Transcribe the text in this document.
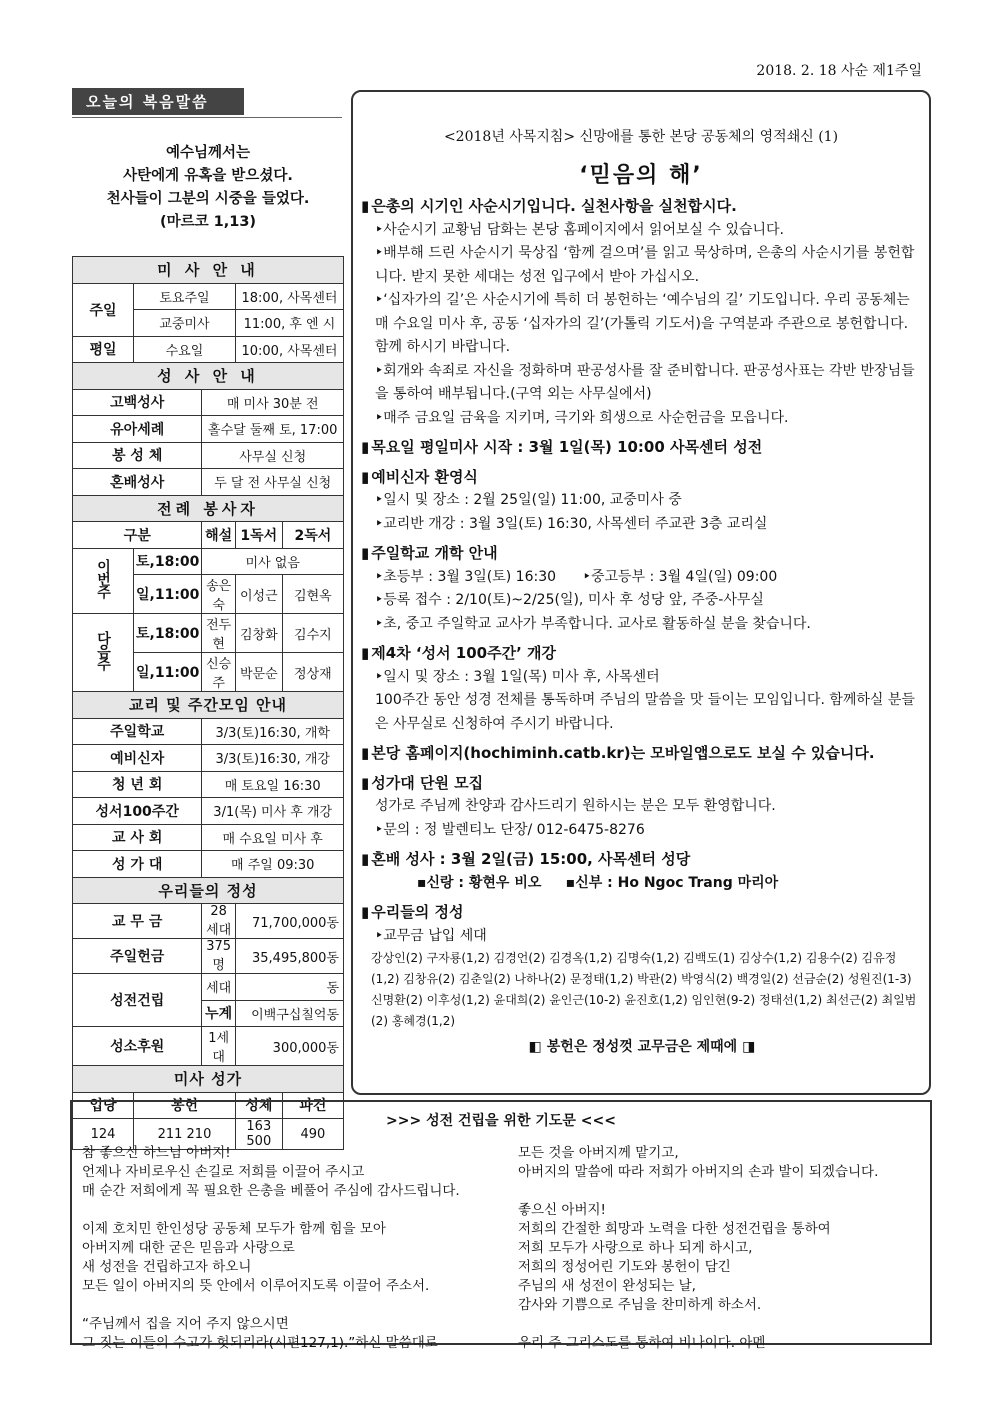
2018. 2. 18 사순 제1주일
오늘의 복음말씀
예수님께서는
사탄에게 유혹을 받으셨다.
천사들이 그분의 시중을 들었다.
(마르코 1,13)
미 사 안 내				
주일	토요주일		18:00, 사목센터	
	교중미사		11:00, 후 엔 시	
평일	수요일		10:00, 사목센터	
성 사 안 내				
고백성사		매 미사 30분 전		
유아세례		홀수달 둘째 토, 17:00		
봉 성 체		사무실 신청		
혼배성사		두 달 전 사무실 신청		
전례 봉사자				
구분		해설	1독서	2독서
이번주	토,18:00	미사 없음		
	일,11:00	송은숙	이성근	김현옥
다음주	토,18:00	전두현	김창화	김수지
	일,11:00	신승주	박문순	정상재
교리 및 주간모임 안내				
주일학교		3/3(토)16:30, 개학		
예비신자		3/3(토)16:30, 개강		
청 년 회		매 토요일 16:30		
성서100주간		3/1(목) 미사 후 개강		
교 사 회		매 수요일 미사 후		
성 가 대		매 주일 09:30		
우리들의 정성				
교 무 금		28세대	71,700,000동	
주일헌금		375명	35,495,800동	
성전건립		세대	동	
		누계	이백구십칠억동	
성소후원		1세대	300,000동	
미사 성가				
입당	봉헌		성체	파견
124	211 210		163 500	490
<2018년 사목지침> 신망애를 통한 본당 공동체의 영적쇄신 (1)
‘믿음의 해’
▮ 은총의 시기인 사순시기입니다. 실천사항을 실천합시다.
‣사순시기 교황님 담화는 본당 홈페이지에서 읽어보실 수 있습니다.
‣배부해 드린 사순시기 묵상집 ‘함께 걸으며’를 읽고 묵상하며, 은총의 사순시기를 봉헌합니다. 받지 못한 세대는 성전 입구에서 받아 가십시오.
‣‘십자가의 길’은 사순시기에 특히 더 봉헌하는 ‘예수님의 길’ 기도입니다. 우리 공동체는 매 수요일 미사 후, 공동 ‘십자가의 길’(가톨릭 기도서)을 구역분과 주관으로 봉헌합니다. 함께 하시기 바랍니다.
‣회개와 속죄로 자신을 정화하며 판공성사를 잘 준비합니다. 판공성사표는 각반 반장님들을 통하여 배부됩니다.(구역 외는 사무실에서)
‣매주 금요일 금육을 지키며, 극기와 희생으로 사순헌금을 모읍니다.
▮ 목요일 평일미사 시작 : 3월 1일(목) 10:00 사목센터 성전
▮ 예비신자 환영식
‣일시 및 장소 : 2월 25일(일) 11:00, 교중미사 중
‣교리반 개강 : 3월 3일(토) 16:30, 사목센터 주교관 3층 교리실
▮ 주일학교 개학 안내
‣초등부 : 3월 3일(토) 16:30      ‣중고등부 : 3월 4일(일) 09:00
‣등록 접수 : 2/10(토)~2/25(일), 미사 후 성당 앞, 주중-사무실
‣초, 중고 주일학교 교사가 부족합니다. 교사로 활동하실 분을 찾습니다.
▮ 제4차 ‘성서 100주간’ 개강
‣일시 및 장소 : 3월 1일(목) 미사 후, 사목센터
100주간 동안 성경 전체를 통독하며 주님의 말씀을 맛 들이는 모임입니다. 함께하실 분들은 사무실로 신청하여 주시기 바랍니다.
▮ 본당 홈페이지(hochiminh.catb.kr)는 모바일앱으로도 보실 수 있습니다.
▮ 성가대 단원 모집
성가로 주님께 찬양과 감사드리기 원하시는 분은 모두 환영합니다.
‣문의 : 정 발렌티노 단장/ 012-6475-8276
▮ 혼배 성사 : 3월 2일(금) 15:00, 사목센터 성당
▪신랑 : 황현우 비오     ▪신부 : Ho Ngoc Trang 마리아
▮ 우리들의 정성
‣교무금 납입 세대
강상인(2) 구자룡(1,2) 김경언(2) 김경옥(1,2) 김명숙(1,2) 김백도(1) 김상수(1,2) 김용수(2) 김유정(1,2) 김창유(2) 김춘일(2) 나하나(2) 문정태(1,2) 박관(2) 박영식(2) 백경일(2) 선금순(2) 성원진(1-3) 신명환(2) 이후성(1,2) 윤대희(2) 윤인근(10-2) 윤진호(1,2) 임인현(9-2) 정태선(1,2) 최선근(2) 최일범(2) 홍혜경(1,2)
◧ 봉헌은 정성껏 교무금은 제때에 ◨
>>> 성전 건립을 위한 기도문 <<<

참 좋으신 하느님 아버지!
언제나 자비로우신 손길로 저희를 이끌어 주시고
매 순간 저희에게 꼭 필요한 은총을 베풀어 주심에 감사드립니다.

이제 호치민 한인성당 공동체 모두가 함께 힘을 모아
아버지께 대한 굳은 믿음과 사랑으로
새 성전을 건립하고자 하오니
모든 일이 아버지의 뜻 안에서 이루어지도록 이끌어 주소서.

“주님께서 집을 지어 주지 않으시면
그 짓는 이들의 수고가 헛되리라(시편127,1).”하신 말씀대로

모든 것을 아버지께 맡기고,
아버지의 말씀에 따라 저희가 아버지의 손과 발이 되겠습니다.

좋으신 아버지!
저희의 간절한 희망과 노력을 다한 성전건립을 통하여
저희 모두가 사랑으로 하나 되게 하시고,
저희의 정성어린 기도와 봉헌이 담긴
주님의 새 성전이 완성되는 날,
감사와 기쁨으로 주님을 찬미하게 하소서.

우리 주 그리스도를 통하여 비나이다. 아멘
